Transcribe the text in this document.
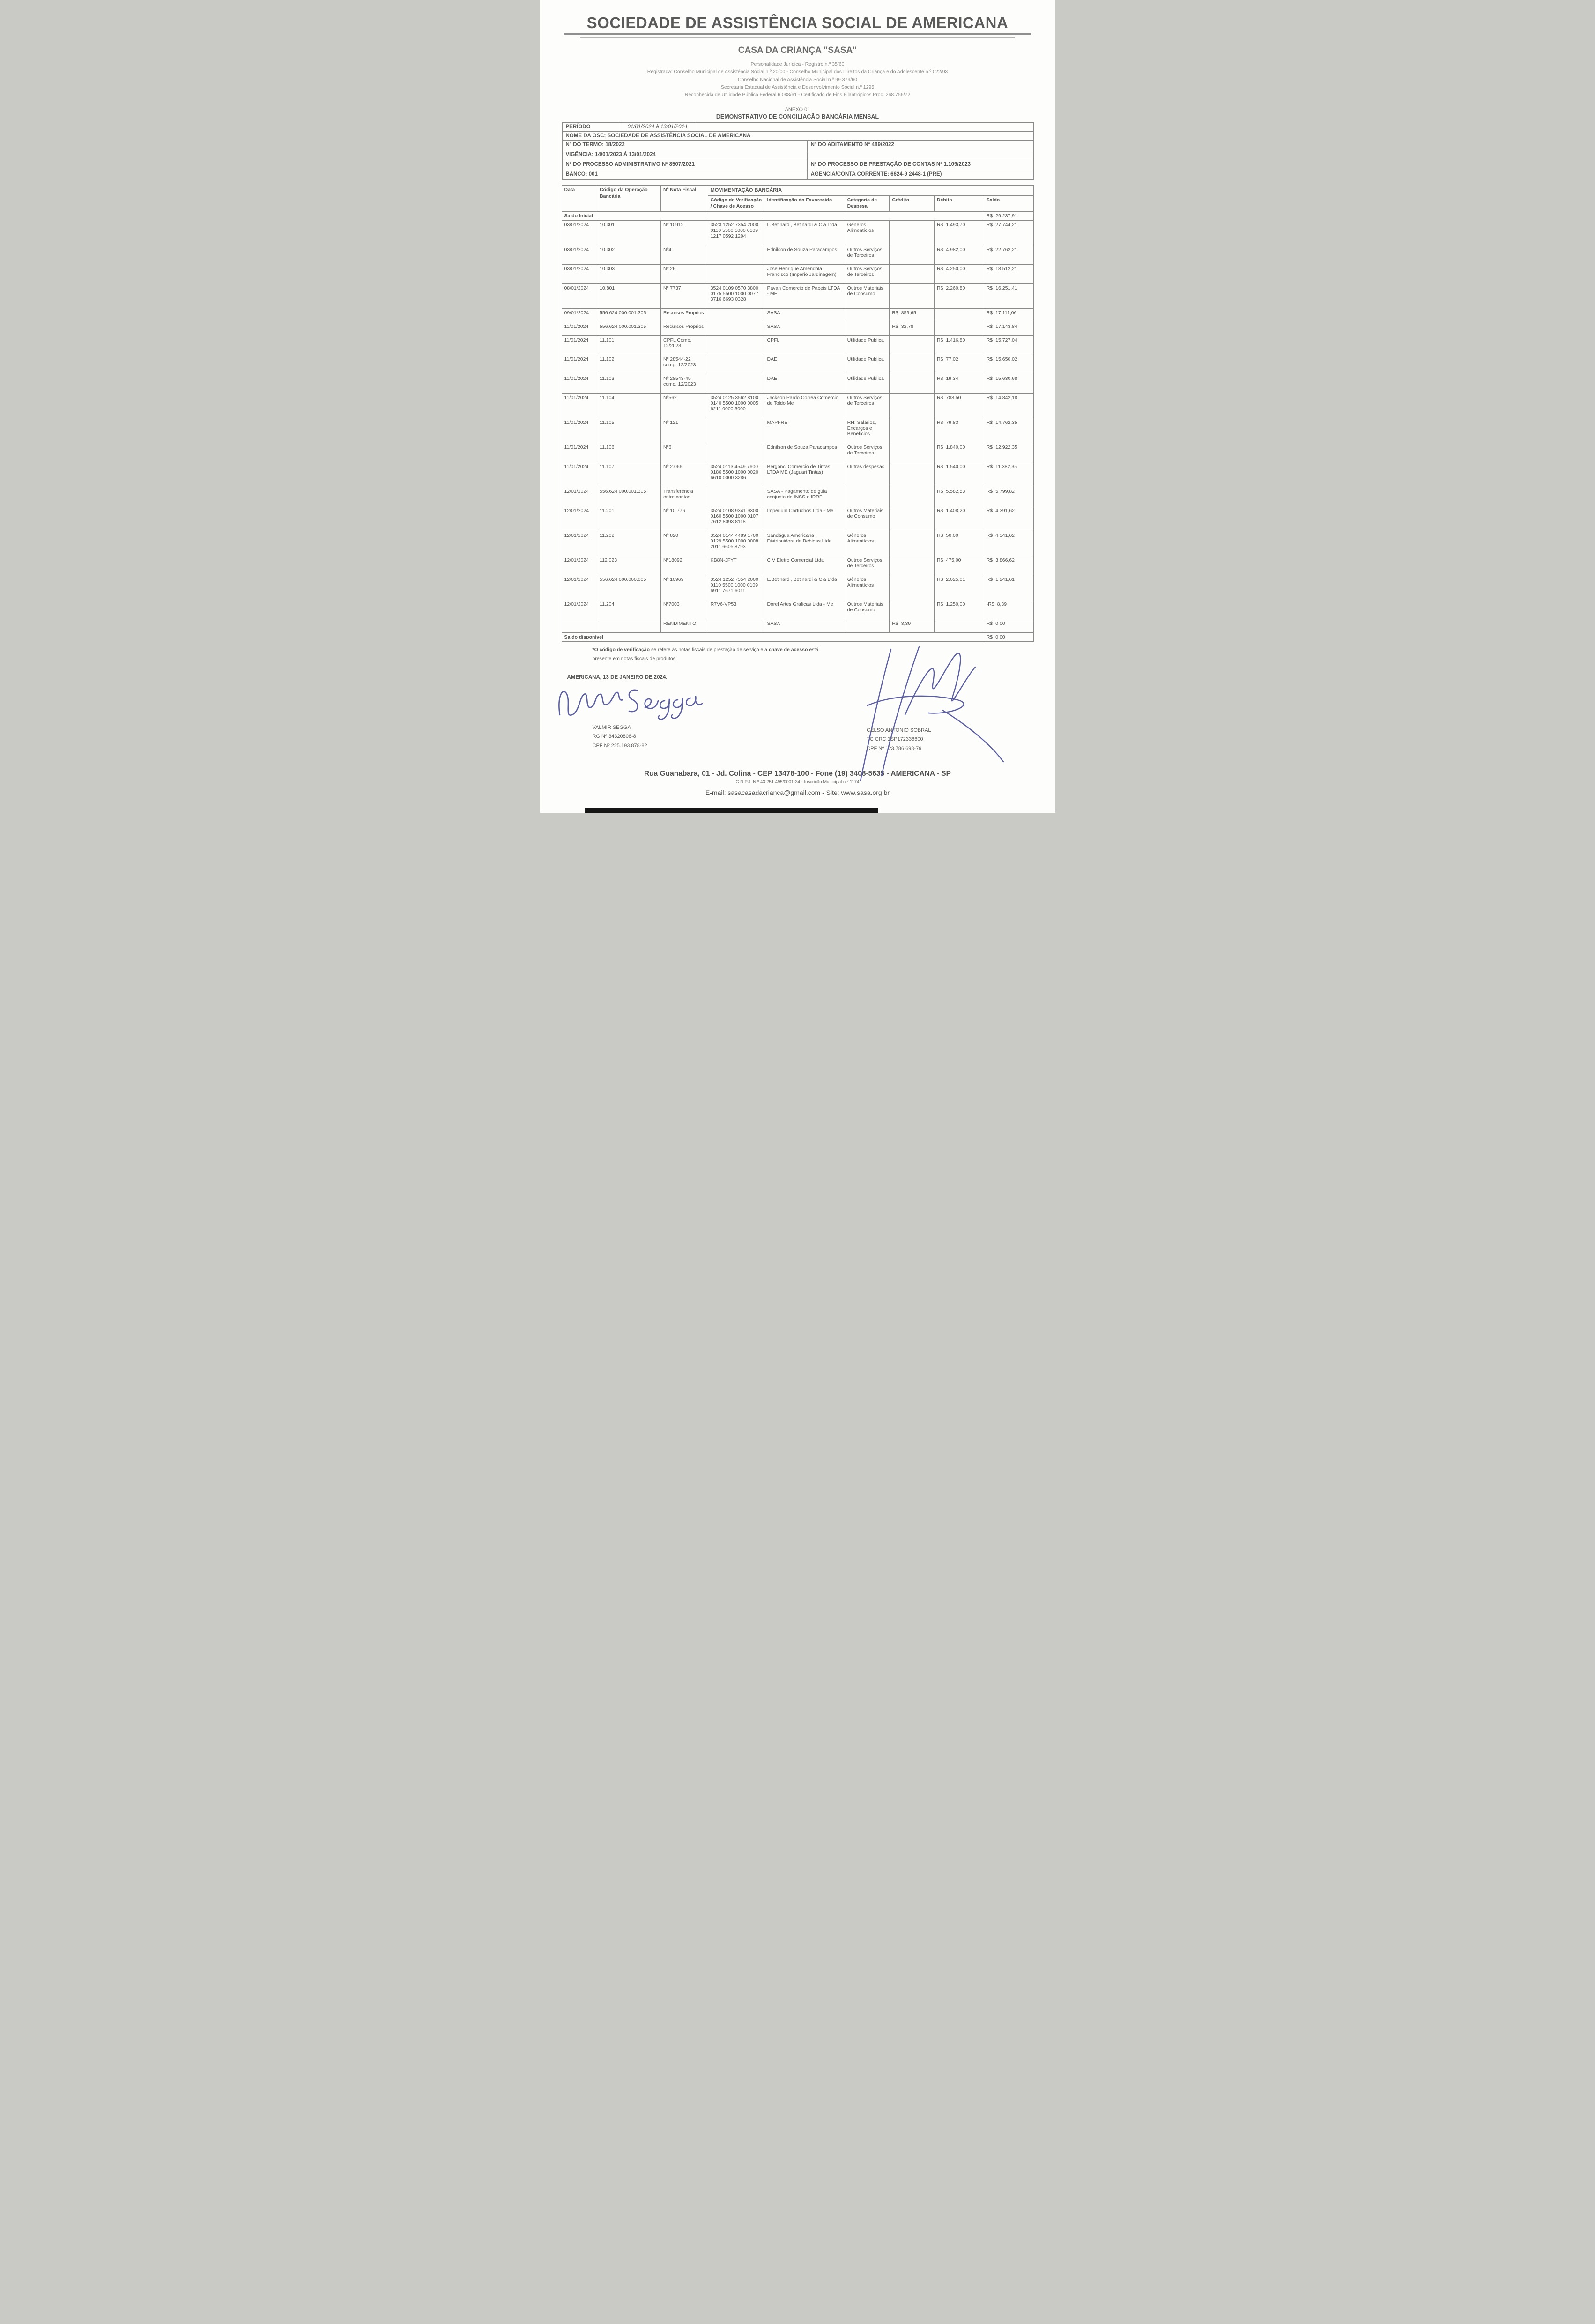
SOCIEDADE DE ASSISTÊNCIA SOCIAL DE AMERICANA
CASA DA CRIANÇA "SASA"
Personalidade Jurídica - Registro n.º 35/60
Registrada: Conselho Municipal de Assistência Social n.º 20/00 - Conselho Municipal dos Direitos da Criança e do Adolescente n.º 022/93
Conselho Nacional de Assistência Social n.º 99.379/60
Secretaria Estadual de Assistência e Desenvolvimento Social n.º 1295
Reconhecida de Utilidade Pública Federal 6.088/61 - Certificado de Fins Filantrópicos Proc. 268.756/72
ANEXO 01
DEMONSTRATIVO DE CONCILIAÇÃO BANCÁRIA MENSAL
PERÍODO	01/01/2024 à 13/01/2024
NOME DA OSC: SOCIEDADE DE ASSISTÊNCIA SOCIAL DE AMERICANA
Nº DO TERMO: 18/2022	Nº DO ADITAMENTO Nº 489/2022
VIGÊNCIA: 14/01/2023 À 13/01/2024
Nº DO PROCESSO ADMINISTRATIVO Nº 8507/2021	Nº DO PROCESSO DE PRESTAÇÃO DE CONTAS Nº 1.109/2023
BANCO: 001	AGÊNCIA/CONTA CORRENTE: 6624-9 2448-1 (PRÉ)
Data	Código da Operação Bancária	Nº Nota Fiscal	MOVIMENTAÇÃO BANCÁRIA					
			Código de Verificação / Chave de Acesso	Identificação do Favorecido	Categoria de Despesa	Crédito	Débito	Saldo
Saldo Inicial								R$ 29.237,91
03/01/2024	10.301	Nº 10912	3523 1252 7354 2000 0110 5500 1000 0109 1217 0592 1294	L.Betinardi, Betinardi & Cia Ltda	Gêneros Alimentícios		R$ 1.493,70	R$ 27.744,21
03/01/2024	10.302	Nº4		Ednilson de Souza Paracampos	Outros Serviços de Terceiros		R$ 4.982,00	R$ 22.762,21
03/01/2024	10.303	Nº 26		Jose Henrique Amendola Francisco (Imperio Jardinagem)	Outros Serviços de Terceiros		R$ 4.250,00	R$ 18.512,21
08/01/2024	10.801	Nº 7737	3524 0109 0570 3800 0175 5500 1000 0077 3716 6693 0328	Pavan Comercio de Papeis LTDA - ME	Outros Materiais de Consumo		R$ 2.260,80	R$ 16.251,41
09/01/2024	556.624.000.001.305	Recursos Proprios		SASA		R$ 859,65		R$ 17.111,06
11/01/2024	556.624.000.001.305	Recursos Proprios		SASA		R$ 32,78		R$ 17.143,84
11/01/2024	11.101	CPFL Comp. 12/2023		CPFL	Utilidade Publica		R$ 1.416,80	R$ 15.727,04
11/01/2024	11.102	Nº 28544-22 comp. 12/2023		DAE	Utilidade Publica		R$ 77,02	R$ 15.650,02
11/01/2024	11.103	Nº 28543-49 comp. 12/2023		DAE	Utilidade Publica		R$ 19,34	R$ 15.630,68
11/01/2024	11.104	Nº562	3524 0125 3562 8100 0140 5500 1000 0005 6211 0000 3000	Jackson Pardo Correa Comercio de Toldo Me	Outros Serviços de Terceiros		R$ 788,50	R$ 14.842,18
11/01/2024	11.105	Nº 121		MAPFRE	RH: Salários, Encargos e Beneficios		R$ 79,83	R$ 14.762,35
11/01/2024	11.106	Nº6		Ednilson de Souza Paracampos	Outros Serviços de Terceiros		R$ 1.840,00	R$ 12.922,35
11/01/2024	11.107	Nº 2.066	3524 0113 4549 7600 0186 5500 1000 0020 6610 0000 3286	Bergonci Comercio de Tintas LTDA ME (Jaguari Tintas)	Outras despesas		R$ 1.540,00	R$ 11.382,35
12/01/2024	556.624.000.001.305	Transferencia entre contas		SASA - Pagamento de guia conjunta de INSS e IRRF			R$ 5.582,53	R$ 5.799,82
12/01/2024	11.201	Nº 10.776	3524 0108 9341 9300 0160 5500 1000 0107 7612 8093 8118	Imperium Cartuchos Ltda - Me	Outros Materiais de Consumo		R$ 1.408,20	R$ 4.391,62
12/01/2024	11.202	Nº 820	3524 0144 4489 1700 0129 5500 1000 0008 2011 6605 8793	Sandágua Americana Distribuidora de Bebidas Ltda	Gêneros Alimentícios		R$ 50,00	R$ 4.341,62
12/01/2024	112.023	Nº18092	KB8N-JFYT	C V Eletro Comercial Ltda	Outros Serviços de Terceiros		R$ 475,00	R$ 3.866,62
12/01/2024	556.624.000.060.005	Nº 10969	3524 1252 7354 2000 0110 5500 1000 0109 6911 7671 6011	L.Betinardi, Betinardi & Cia Ltda	Gêneros Alimentícios		R$ 2.625,01	R$ 1.241,61
12/01/2024	11.204	Nº7003	R7V6-VP53	Dorel Artes Graficas Ltda - Me	Outros Materiais de Consumo		R$ 1.250,00	-R$ 8,39
		RENDIMENTO		SASA		R$ 8,39		R$ 0,00
Saldo disponível								R$ 0,00
*O código de verificação se refere às notas fiscais de prestação de serviço e a chave de acesso está
presente em notas fiscais de produtos.
AMERICANA, 13 DE JANEIRO DE 2024.
VALMIR SEGGA
RG Nº 34320808-8
CPF Nº 225.193.878-82
CELSO ANTONIO SOBRAL
TC CRC 1SP172336600
CPF Nº 123.786.698-79
Rua Guanabara, 01 - Jd. Colina - CEP 13478-100 - Fone (19) 3408-5635 - AMERICANA - SP
C.N.P.J. N.º 43.251.495/0001-34 - Inscrição Municipal n.º 1174
E-mail: sasacasadacrianca@gmail.com - Site: www.sasa.org.br
